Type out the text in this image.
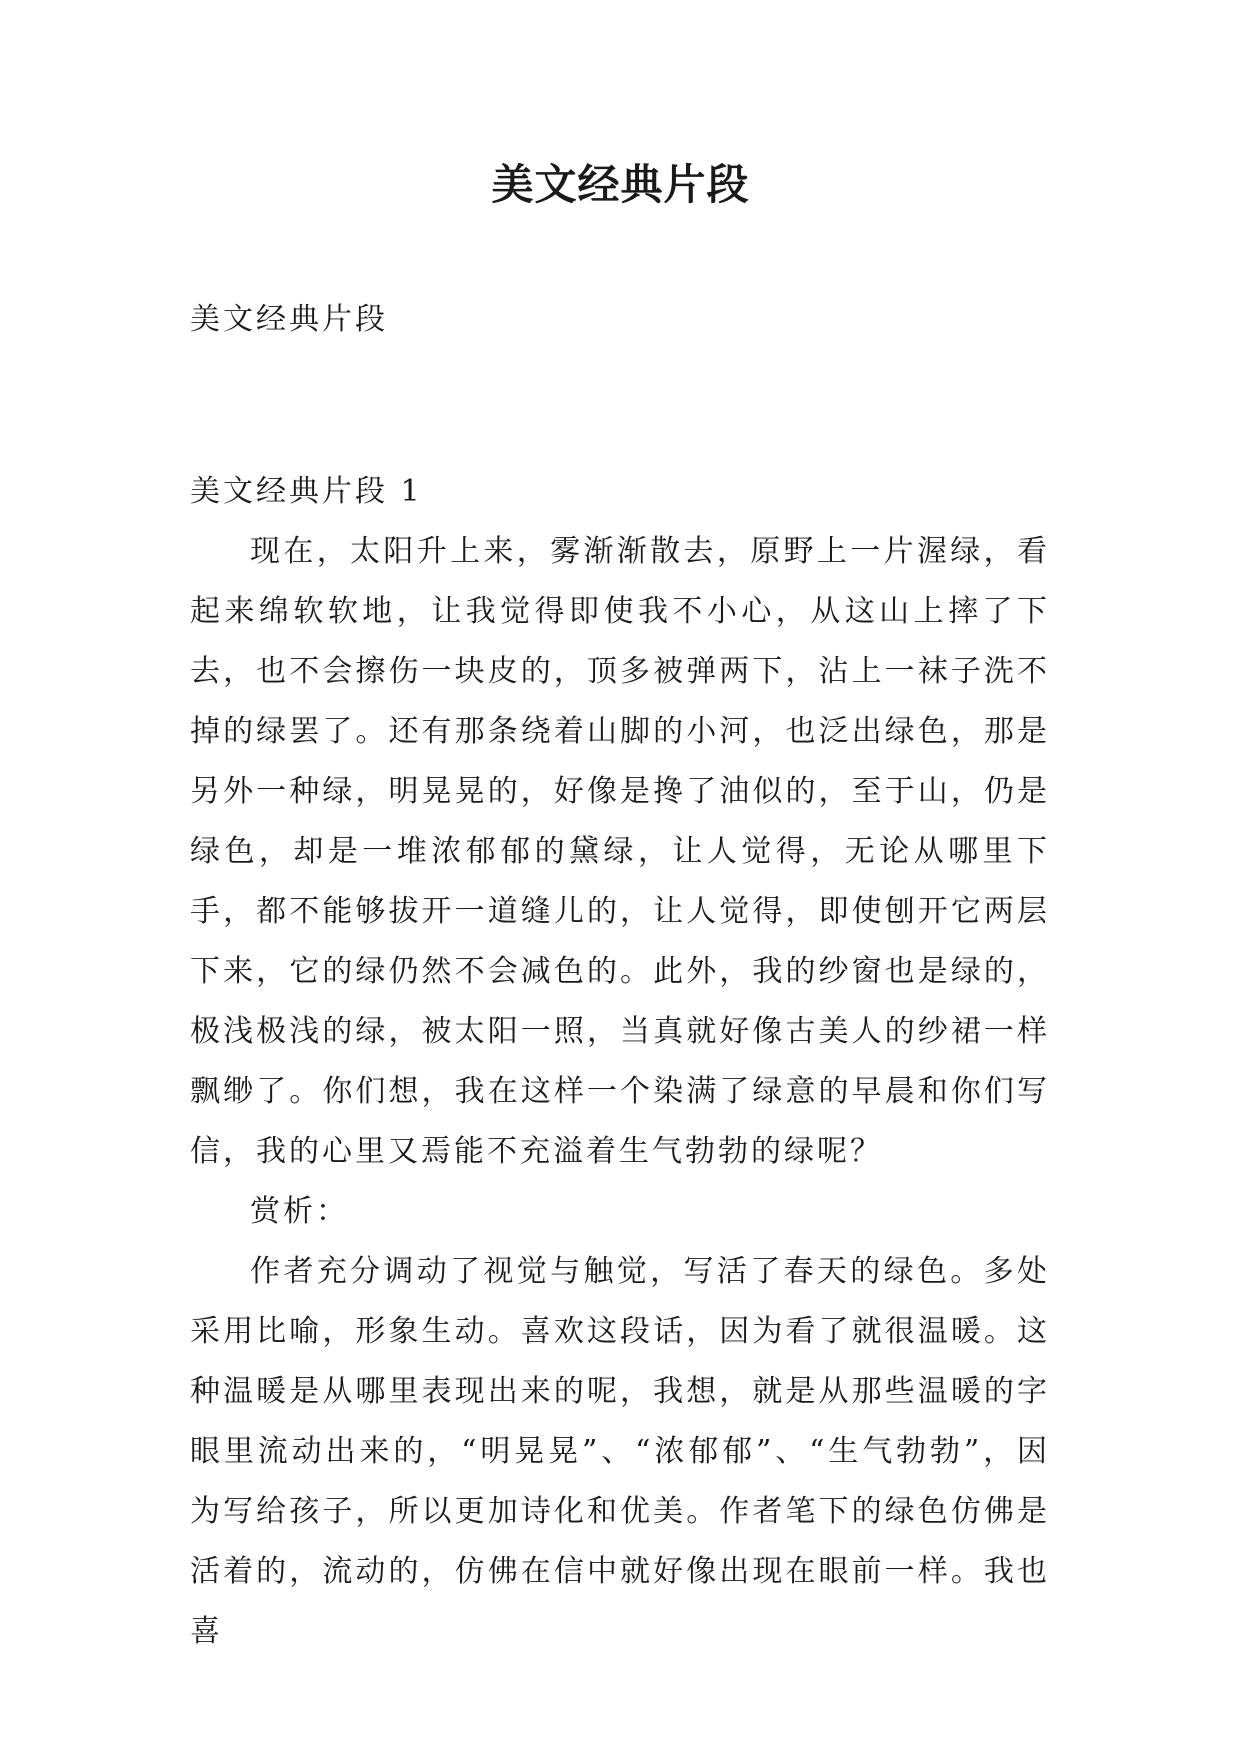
美文经典片段

美文经典片段

美文经典片段 1

现在，太阳升上来，雾渐渐散去，原野上一片渥绿，看起来绵软软地，让我觉得即使我不小心，从这山上摔了下去，也不会擦伤一块皮的，顶多被弹两下，沾上一袜子洗不掉的绿罢了。还有那条绕着山脚的小河，也泛出绿色，那是另外一种绿，明晃晃的，好像是搀了油似的，至于山，仍是绿色，却是一堆浓郁郁的黛绿，让人觉得，无论从哪里下手，都不能够拔开一道缝儿的，让人觉得，即使刨开它两层下来，它的绿仍然不会减色的。此外，我的纱窗也是绿的，极浅极浅的绿，被太阳一照，当真就好像古美人的纱裙一样飘缈了。你们想，我在这样一个染满了绿意的早晨和你们写信，我的心里又焉能不充溢着生气勃勃的绿呢？

赏析：

作者充分调动了视觉与触觉，写活了春天的绿色。多处采用比喻，形象生动。喜欢这段话，因为看了就很温暖。这种温暖是从哪里表现出来的呢，我想，就是从那些温暖的字眼里流动出来的，“明晃晃”、“浓郁郁”、“生气勃勃”，因为写给孩子，所以更加诗化和优美。作者笔下的绿色仿佛是活着的，流动的，仿佛在信中就好像出现在眼前一样。我也喜
